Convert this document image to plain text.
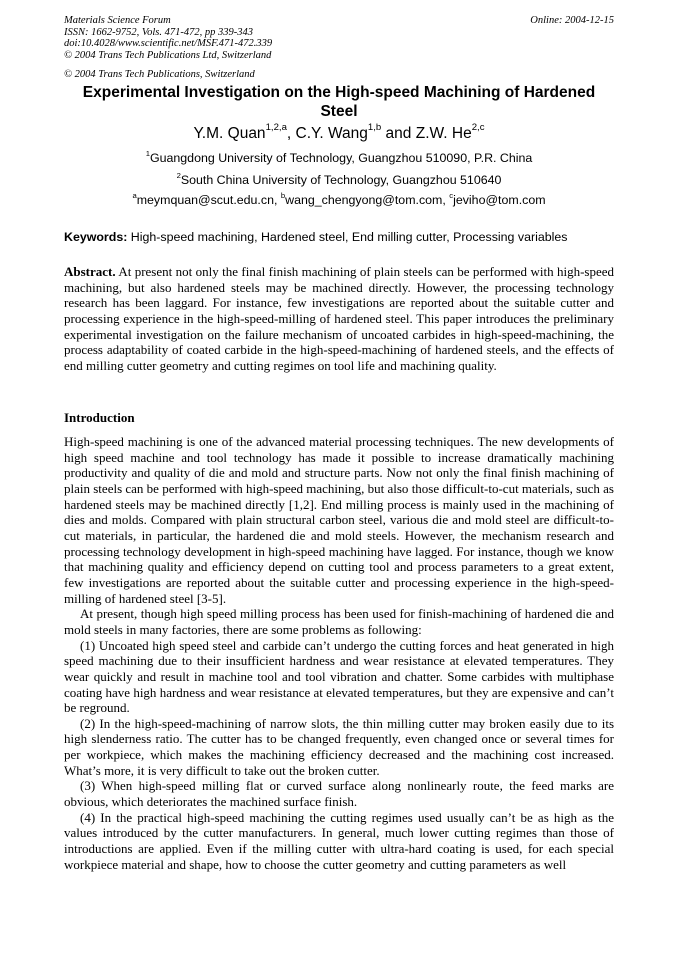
Materials Science Forum
ISSN: 1662-9752, Vols. 471-472, pp 339-343
doi:10.4028/www.scientific.net/MSF.471-472.339
© 2004 Trans Tech Publications Ltd, Switzerland
Online: 2004-12-15
© 2004 Trans Tech Publications, Switzerland
Experimental Investigation on the High-speed Machining of Hardened Steel
Y.M. Quan$^{1,2,a}$, C.Y. Wang$^{1,b}$ and Z.W. He$^{2,c}$
$^1$Guangdong University of Technology, Guangzhou 510090, P.R. China
$^2$South China University of Technology, Guangzhou 510640
$^a$meymquan@scut.edu.cn, $^b$wang_chengyong@tom.com, $^c$jeviho@tom.com
Keywords: High-speed machining, Hardened steel, End milling cutter, Processing variables

Abstract. At present not only the final finish machining of plain steels can be performed with high-speed machining, but also hardened steels may be machined directly. However, the processing technology research has been laggard. For instance, few investigations are reported about the suitable cutter and processing experience in the high-speed-milling of hardened steel. This paper introduces the preliminary experimental investigation on the failure mechanism of uncoated carbides in high-speed-machining, the process adaptability of coated carbide in the high-speed-machining of hardened steels, and the effects of end milling cutter geometry and cutting regimes on tool life and machining quality.

Introduction

High-speed machining is one of the advanced material processing techniques. The new developments of high speed machine and tool technology has made it possible to increase dramatically machining productivity and quality of die and mold and structure parts. Now not only the final finish machining of plain steels can be performed with high-speed machining, but also those difficult-to-cut materials, such as hardened steels may be machined directly [1,2]. End milling process is mainly used in the machining of dies and molds. Compared with plain structural carbon steel, various die and mold steel are difficult-to-cut materials, in particular, the hardened die and mold steels. However, the mechanism research and processing technology development in high-speed machining have lagged. For instance, though we know that machining quality and efficiency depend on cutting tool and process parameters to a great extent, few investigations are reported about the suitable cutter and processing experience in the high-speed-milling of hardened steel [3-5].

At present, though high speed milling process has been used for finish-machining of hardened die and mold steels in many factories, there are some problems as following:

(1) Uncoated high speed steel and carbide can’t undergo the cutting forces and heat generated in high speed machining due to their insufficient hardness and wear resistance at elevated temperatures. They wear quickly and result in machine tool and tool vibration and chatter. Some carbides with multiphase coating have high hardness and wear resistance at elevated temperatures, but they are expensive and can’t be reground.

(2) In the high-speed-machining of narrow slots, the thin milling cutter may broken easily due to its high slenderness ratio. The cutter has to be changed frequently, even changed once or several times for per workpiece, which makes the machining efficiency decreased and the machining cost increased. What’s more, it is very difficult to take out the broken cutter.

(3) When high-speed milling flat or curved surface along nonlinearly route, the feed marks are obvious, which deteriorates the machined surface finish.

(4) In the practical high-speed machining the cutting regimes used usually can’t be as high as the values introduced by the cutter manufacturers. In general, much lower cutting regimes than those of introductions are applied. Even if the milling cutter with ultra-hard coating is used, for each special workpiece material and shape, how to choose the cutter geometry and cutting parameters as well
